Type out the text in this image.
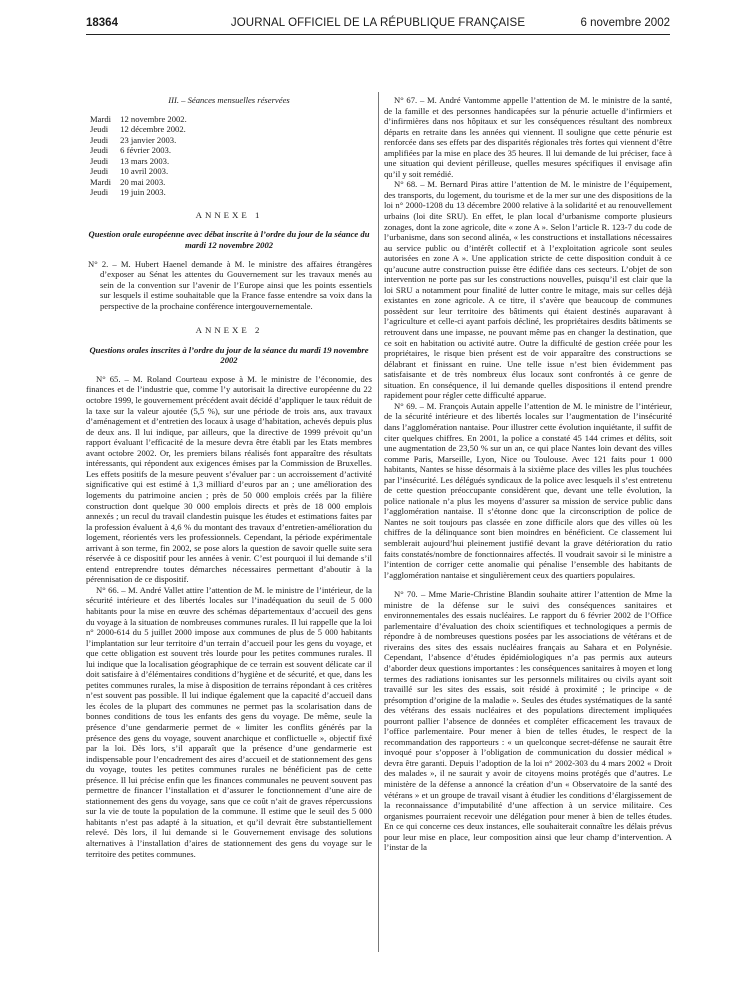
18364	JOURNAL OFFICIEL DE LA RÉPUBLIQUE FRANÇAISE	6 novembre 2002
III. – Séances mensuelles réservées
Mardi 12 novembre 2002.
Jeudi 12 décembre 2002.
Jeudi 23 janvier 2003.
Jeudi 6 février 2003.
Jeudi 13 mars 2003.
Jeudi 10 avril 2003.
Mardi 20 mai 2003.
Jeudi 19 juin 2003.
ANNEXE 1
Question orale européenne avec débat inscrite à l’ordre du jour de la séance du mardi 12 novembre 2002

N° 2. – M. Hubert Haenel demande à M. le ministre des affaires étrangères d’exposer au Sénat les attentes du Gouvernement sur les travaux menés au sein de la convention sur l’avenir de l’Europe ainsi que les points essentiels sur lesquels il estime souhaitable que la France fasse entendre sa voix dans la perspective de la prochaine conférence intergouvernementale.

ANNEXE 2
Questions orales inscrites à l’ordre du jour de la séance du mardi 19 novembre 2002

N° 65. – M. Roland Courteau expose à M. le ministre de l’économie, des finances et de l’industrie que, comme l’y autorisait la directive européenne du 22 octobre 1999, le gouvernement précédent avait décidé d’appliquer le taux réduit de la taxe sur la valeur ajoutée (5,5 %), sur une période de trois ans, aux travaux d’aménagement et d’entretien des locaux à usage d’habitation, achevés depuis plus de deux ans. Il lui indique, par ailleurs, que la directive de 1999 prévoit qu’un rapport évaluant l’efficacité de la mesure devra être établi par les Etats membres avant octobre 2002. Or, les premiers bilans réalisés font apparaître des résultats intéressants, qui répondent aux exigences émises par la Commission de Bruxelles. Les effets positifs de la mesure peuvent s’évaluer par : un accroissement d’activité significative qui est estimé à 1,3 milliard d’euros par an ; une amélioration des logements du patrimoine ancien ; près de 50 000 emplois créés par la filière construction dont quelque 30 000 emplois directs et près de 18 000 emplois annexés ; un recul du travail clandestin puisque les études et estimations faites par la profession évaluent à 4,6 % du montant des travaux d’entretien-amélioration du logement, réorientés vers les professionnels. Cependant, la période expérimentale arrivant à son terme, fin 2002, se pose alors la question de savoir quelle suite sera réservée à ce dispositif pour les années à venir. C’est pourquoi il lui demande s’il entend entreprendre toutes démarches nécessaires permettant d’aboutir à la pérennisation de ce dispositif.

N° 66. – M. André Vallet attire l’attention de M. le ministre de l’intérieur, de la sécurité intérieure et des libertés locales sur l’inadéquation du seuil de 5 000 habitants pour la mise en œuvre des schémas départementaux d’accueil des gens du voyage à la situation de nombreuses communes rurales. Il lui rappelle que la loi n° 2000-614 du 5 juillet 2000 impose aux communes de plus de 5 000 habitants l’implantation sur leur territoire d’un terrain d’accueil pour les gens du voyage, et que cette obligation est souvent très lourde pour les petites communes rurales. Il lui indique que la localisation géographique de ce terrain est souvent délicate car il doit satisfaire à d’élémentaires conditions d’hygiène et de sécurité, et que, dans les petites communes rurales, la mise à disposition de terrains répondant à ces critères n’est souvent pas possible. Il lui indique également que la capacité d’accueil dans les écoles de la plupart des communes ne permet pas la scolarisation dans de bonnes conditions de tous les enfants des gens du voyage. De même, seule la présence d’une gendarmerie permet de « limiter les conflits générés par la présence des gens du voyage, souvent anarchique et conflictuelle », objectif fixé par la loi. Dès lors, s’il apparaît que la présence d’une gendarmerie est indispensable pour l’encadrement des aires d’accueil et de stationnement des gens du voyage, toutes les petites communes rurales ne bénéficient pas de cette présence. Il lui précise enfin que les finances communales ne peuvent souvent pas permettre de financer l’installation et d’assurer le fonctionnement d’une aire de stationnement des gens du voyage, sans que ce coût n’ait de graves répercussions sur la vie de toute la population de la commune. Il estime que le seuil des 5 000 habitants n’est pas adapté à la situation, et qu’il devrait être substantiellement relevé. Dès lors, il lui demande si le Gouvernement envisage des solutions alternatives à l’installation d’aires de stationnement des gens du voyage sur le territoire des petites communes.

N° 67. – M. André Vantomme appelle l’attention de M. le ministre de la santé, de la famille et des personnes handicapées sur la pénurie actuelle d’infirmiers et d’infirmières dans nos hôpitaux et sur les conséquences résultant des nombreux départs en retraite dans les années qui viennent. Il souligne que cette pénurie est renforcée dans ses effets par des disparités régionales très fortes qui viennent d’être amplifiées par la mise en place des 35 heures. Il lui demande de lui préciser, face à une situation qui devient périlleuse, quelles mesures spécifiques il envisage afin qu’il y soit remédié.

N° 68. – M. Bernard Piras attire l’attention de M. le ministre de l’équipement, des transports, du logement, du tourisme et de la mer sur une des dispositions de la loi n° 2000-1208 du 13 décembre 2000 relative à la solidarité et au renouvellement urbains (loi dite SRU). En effet, le plan local d’urbanisme comporte plusieurs zonages, dont la zone agricole, dite « zone A ». Selon l’article R. 123-7 du code de l’urbanisme, dans son second alinéa, « les constructions et installations nécessaires au service public ou d’intérêt collectif et à l’exploitation agricole sont seules autorisées en zone A ». Une application stricte de cette disposition conduit à ce qu’aucune autre construction puisse être édifiée dans ces secteurs. L’objet de son intervention ne porte pas sur les constructions nouvelles, puisqu’il est clair que la loi SRU a notamment pour finalité de lutter contre le mitage, mais sur celles déjà existantes en zone agricole. A ce titre, il s’avère que beaucoup de communes possèdent sur leur territoire des bâtiments qui étaient destinés auparavant à l’agriculture et celle-ci ayant parfois décliné, les propriétaires desdits bâtiments se retrouvent dans une impasse, ne pouvant même pas en changer la destination, que ce soit en habitation ou activité autre. Outre la difficulté de gestion créée pour les propriétaires, le risque bien présent est de voir apparaître des constructions se délabrant et finissant en ruine. Une telle issue n’est bien évidemment pas satisfaisante et de très nombreux élus locaux sont confrontés à ce genre de situation. En conséquence, il lui demande quelles dispositions il entend prendre rapidement pour régler cette difficulté apparue.

N° 69. – M. François Autain appelle l’attention de M. le ministre de l’intérieur, de la sécurité intérieure et des libertés locales sur l’augmentation de l’insécurité dans l’agglomération nantaise. Pour illustrer cette évolution inquiétante, il suffit de citer quelques chiffres. En 2001, la police a constaté 45 144 crimes et délits, soit une augmentation de 23,50 % sur un an, ce qui place Nantes loin devant des villes comme Paris, Marseille, Lyon, Nice ou Toulouse. Avec 121 faits pour 1 000 habitants, Nantes se hisse désormais à la sixième place des villes les plus touchées par l’insécurité. Les délégués syndicaux de la police avec lesquels il s’est entretenu de cette question préoccupante considèrent que, devant une telle évolution, la police nationale n’a plus les moyens d’assurer sa mission de service public dans l’agglomération nantaise. Il s’étonne donc que la circonscription de police de Nantes ne soit toujours pas classée en zone difficile alors que des villes où les chiffres de la délinquance sont bien moindres en bénéficient. Ce classement lui semblerait aujourd’hui pleinement justifié devant la grave détérioration du ratio faits constatés/nombre de fonctionnaires affectés. Il voudrait savoir si le ministre a l’intention de corriger cette anomalie qui pénalise l’ensemble des habitants de l’agglomération nantaise et singulièrement ceux des quartiers populaires.

N° 70. – Mme Marie-Christine Blandin souhaite attirer l’attention de Mme la ministre de la défense sur le suivi des conséquences sanitaires et environnementales des essais nucléaires. Le rapport du 6 février 2002 de l’Office parlementaire d’évaluation des choix scientifiques et technologiques a permis de répondre à de nombreuses questions posées par les associations de vétérans et de riverains des sites des essais nucléaires français au Sahara et en Polynésie. Cependant, l’absence d’études épidémiologiques n’a pas permis aux auteurs d’aborder deux questions importantes : les conséquences sanitaires à moyen et long termes des radiations ionisantes sur les personnels militaires ou civils ayant soit travaillé sur les sites des essais, soit résidé à proximité ; le principe « de présomption d’origine de la maladie ». Seules des études systématiques de la santé des vétérans des essais nucléaires et des populations directement impliquées pourront pallier l’absence de données et compléter efficacement les travaux de l’office parlementaire. Pour mener à bien de telles études, le respect de la recommandation des rapporteurs : « un quelconque secret-défense ne saurait être invoqué pour s’opposer à l’obligation de communication du dossier médical » devra être garanti. Depuis l’adoption de la loi n° 2002-303 du 4 mars 2002 « Droit des malades », il ne saurait y avoir de citoyens moins protégés que d’autres. Le ministère de la défense a annoncé la création d’un « Observatoire de la santé des vétérans » et un groupe de travail visant à étudier les conditions d’élargissement de la reconnaissance d’imputabilité d’une affection à un service militaire. Ces organismes pourraient recevoir une délégation pour mener à bien de telles études. En ce qui concerne ces deux instances, elle souhaiterait connaître les délais prévus pour leur mise en place, leur composition ainsi que leur champ d’intervention. A l’instar de la
